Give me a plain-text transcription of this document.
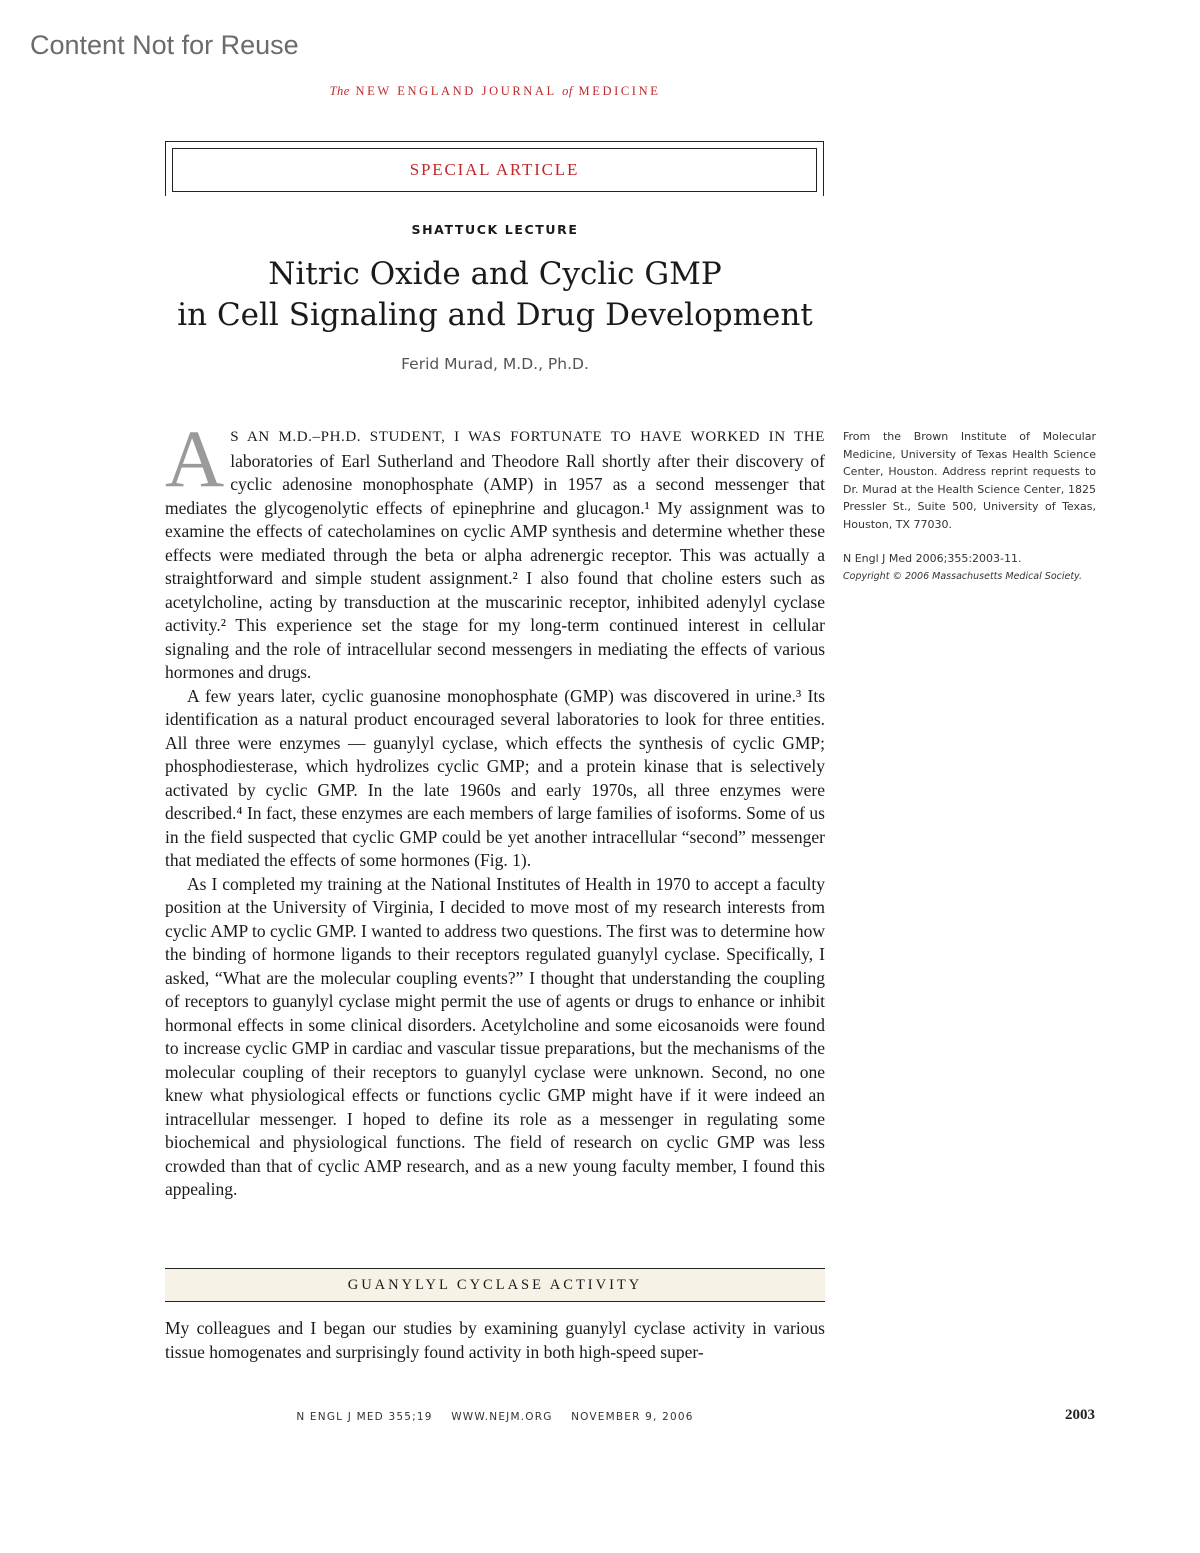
Content Not for Reuse
The NEW ENGLAND JOURNAL of MEDICINE
SPECIAL ARTICLE
SHATTUCK LECTURE
Nitric Oxide and Cyclic GMP
in Cell Signaling and Drug Development
Ferid Murad, M.D., Ph.D.

A S AN M.D.–PH.D. STUDENT, I WAS FORTUNATE TO HAVE WORKED IN THE laboratories of Earl Sutherland and Theodore Rall shortly after their discovery of cyclic adenosine monophosphate (AMP) in 1957 as a second messenger that mediates the glycogenolytic effects of epinephrine and glucagon.¹ My assignment was to examine the effects of catecholamines on cyclic AMP synthesis and determine whether these effects were mediated through the beta or alpha adrenergic receptor. This was actually a straightforward and simple student assignment.² I also found that choline esters such as acetylcholine, acting by transduction at the muscarinic receptor, inhibited adenylyl cyclase activity.² This experience set the stage for my long-term continued interest in cellular signaling and the role of intracellular second messengers in mediating the effects of various hormones and drugs.

A few years later, cyclic guanosine monophosphate (GMP) was discovered in urine.³ Its identification as a natural product encouraged several laboratories to look for three entities. All three were enzymes — guanylyl cyclase, which effects the synthesis of cyclic GMP; phosphodiesterase, which hydrolizes cyclic GMP; and a protein kinase that is selectively activated by cyclic GMP. In the late 1960s and early 1970s, all three enzymes were described.⁴ In fact, these enzymes are each members of large families of isoforms. Some of us in the field suspected that cyclic GMP could be yet another intracellular “second” messenger that mediated the effects of some hormones (Fig. 1).

As I completed my training at the National Institutes of Health in 1970 to accept a faculty position at the University of Virginia, I decided to move most of my research interests from cyclic AMP to cyclic GMP. I wanted to address two questions. The first was to determine how the binding of hormone ligands to their receptors regulated guanylyl cyclase. Specifically, I asked, “What are the molecular coupling events?” I thought that understanding the coupling of receptors to guanylyl cyclase might permit the use of agents or drugs to enhance or inhibit hormonal effects in some clinical disorders. Acetylcholine and some eicosanoids were found to increase cyclic GMP in cardiac and vascular tissue preparations, but the mechanisms of the molecular coupling of their receptors to guanylyl cyclase were unknown. Second, no one knew what physiological effects or functions cyclic GMP might have if it were indeed an intracellular messenger. I hoped to define its role as a messenger in regulating some biochemical and physiological functions. The field of research on cyclic GMP was less crowded than that of cyclic AMP research, and as a new young faculty member, I found this appealing.

From the Brown Institute of Molecular Medicine, University of Texas Health Science Center, Houston. Address reprint requests to Dr. Murad at the Health Science Center, 1825 Pressler St., Suite 500, University of Texas, Houston, TX 77030.
N Engl J Med 2006;355:2003-11.
Copyright © 2006 Massachusetts Medical Society.
GUANYLYL CYCLASE ACTIVITY

My colleagues and I began our studies by examining guanylyl cyclase activity in various tissue homogenates and surprisingly found activity in both high-speed super-

N ENGL J MED 355;19 WWW.NEJM.ORG NOVEMBER 9, 2006	2003
